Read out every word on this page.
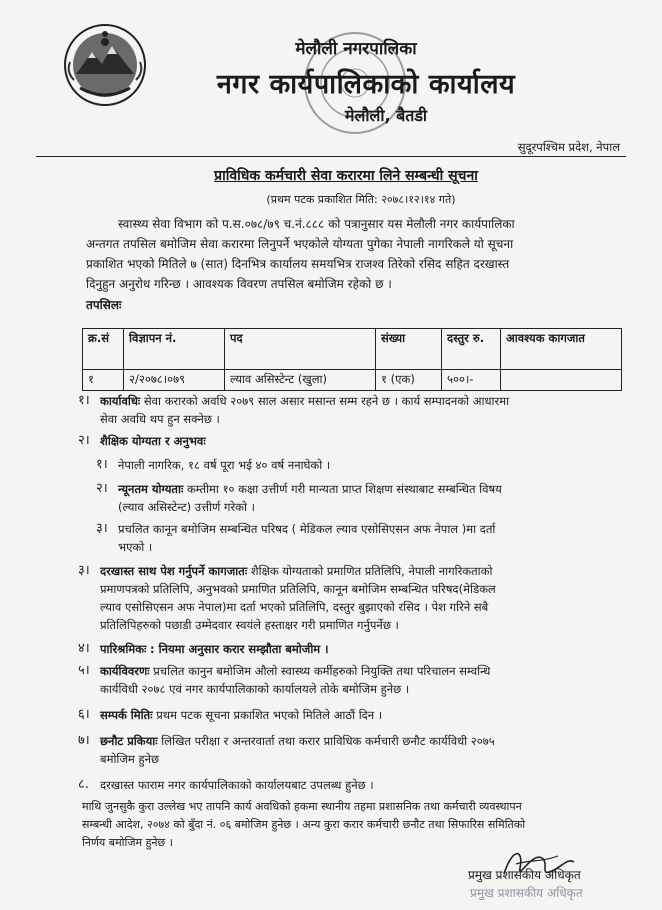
मेलौली नगरपालिका
नगर कार्यपालिकाको कार्यालय
मेलौली, बैतडी
सुदूरपश्चिम प्रदेश, नेपाल
प्राविधिक कर्मचारी सेवा करारमा लिने सम्बन्धी सूचना
(प्रथम पटक प्रकाशित मिति: २०७८।१२।१४ गते)
स्वास्थ्य सेवा विभाग को प.स.०७८/७९ च.नं.८८८ को पत्रानुसार यस मेलौली नगर कार्यपालिका
अन्तगत तपसिल बमोजिम सेवा करारमा लिनुपर्ने भएकोले योग्यता पुगेका नेपाली नागरिकले यो सूचना
प्रकाशित भएको मितिले ७ (सात) दिनभित्र कार्यालय समयभित्र राजश्व तिरेको रसिद सहित दरखास्त
दिनुहुन अनुरोध गरिन्छ । आवश्यक विवरण तपसिल बमोजिम रहेको छ ।
तपसिलः
क्र.सं	विज्ञापन नं.	पद	संख्या	दस्तुर रु.	आवश्यक कागजात
१	२/२०७८।०७९	ल्याव असिस्टेन्ट (खुला)	१ (एक)	५००।-	
१। कार्यावधिः सेवा करारको अवधि २०७९ साल असार मसान्त सम्म रहने छ । कार्य सम्पादनको आधारमा
सेवा अवधि थप हुन सक्नेछ ।
२। शैक्षिक योग्यता र अनुभवः
१। नेपाली नागरिक, १८ वर्ष पूरा भई ४० वर्ष ननाघेको ।
२। न्यूनतम योग्यताः कम्तीमा १० कक्षा उत्तीर्ण गरी मान्यता प्राप्त शिक्षण संस्थाबाट सम्बन्धित विषय
(ल्याव असिस्टेन्ट) उत्तीर्ण गरेको ।
३। प्रचलित कानून बमोजिम सम्बन्धित परिषद ( मेडिकल ल्याव एसोसिएसन अफ नेपाल )मा दर्ता
भएको ।
३। दरखास्त साथ पेश गर्नुपर्ने कागजातः शैक्षिक योग्यताको प्रमाणित प्रतिलिपि, नेपाली नागरिकताको
प्रमाणपत्रको प्रतिलिपि, अनुभवको प्रमाणित प्रतिलिपि, कानून बमोजिम सम्बन्धित परिषद(मेडिकल
ल्याव एसोसिएसन अफ नेपाल)मा दर्ता भएको प्रतिलिपि, दस्तुर बुझाएको रसिद । पेश गरिने सबै
प्रतिलिपिहरुको पछाडी उम्मेदवार स्वयंले हस्ताक्षर गरी प्रमाणित गर्नुपर्नेछ ।
४। पारिश्रमिकः : नियमा अनुसार करार सम्झौता बमोजीम ।
५। कार्यविवरणः प्रचलित कानुन बमोजिम औलो स्वास्थ्य कर्मीहरुको नियुक्ति तथा परिचालन सम्वन्धि
कार्यविधी २०७८ एवं नगर कार्यपालिकाको कार्यालयले तोके बमोजिम हुनेछ ।
६। सम्पर्क मितिः प्रथम पटक सूचना प्रकाशित भएको मितिले आठौं दिन ।
७। छनौट प्रकियाः लिखित परीक्षा र अन्तरवार्ता तथा करार प्राविधिक कर्मचारी छनौट कार्यविधी २०७५
बमोजिम हुनेछ
८. दरखास्त फाराम नगर कार्यपालिकाको कार्यालयबाट उपलब्ध हुनेछ ।
माथि जुनसुकै कुरा उल्लेख भए तापनि कार्य अवधिको हकमा स्थानीय तहमा प्रशासनिक तथा कर्मचारी व्यवस्थापन
सम्बन्धी आदेश, २०७४ को बुँदा नं. ०६ बमोजिम हुनेछ । अन्य कुरा करार कर्मचारी छनौट तथा सिफारिस समितिको
निर्णय बमोजिम हुनेछ ।
प्रमुख प्रशासकीय अधिकृत
प्रमुख प्रशासकीय अधिकृत
